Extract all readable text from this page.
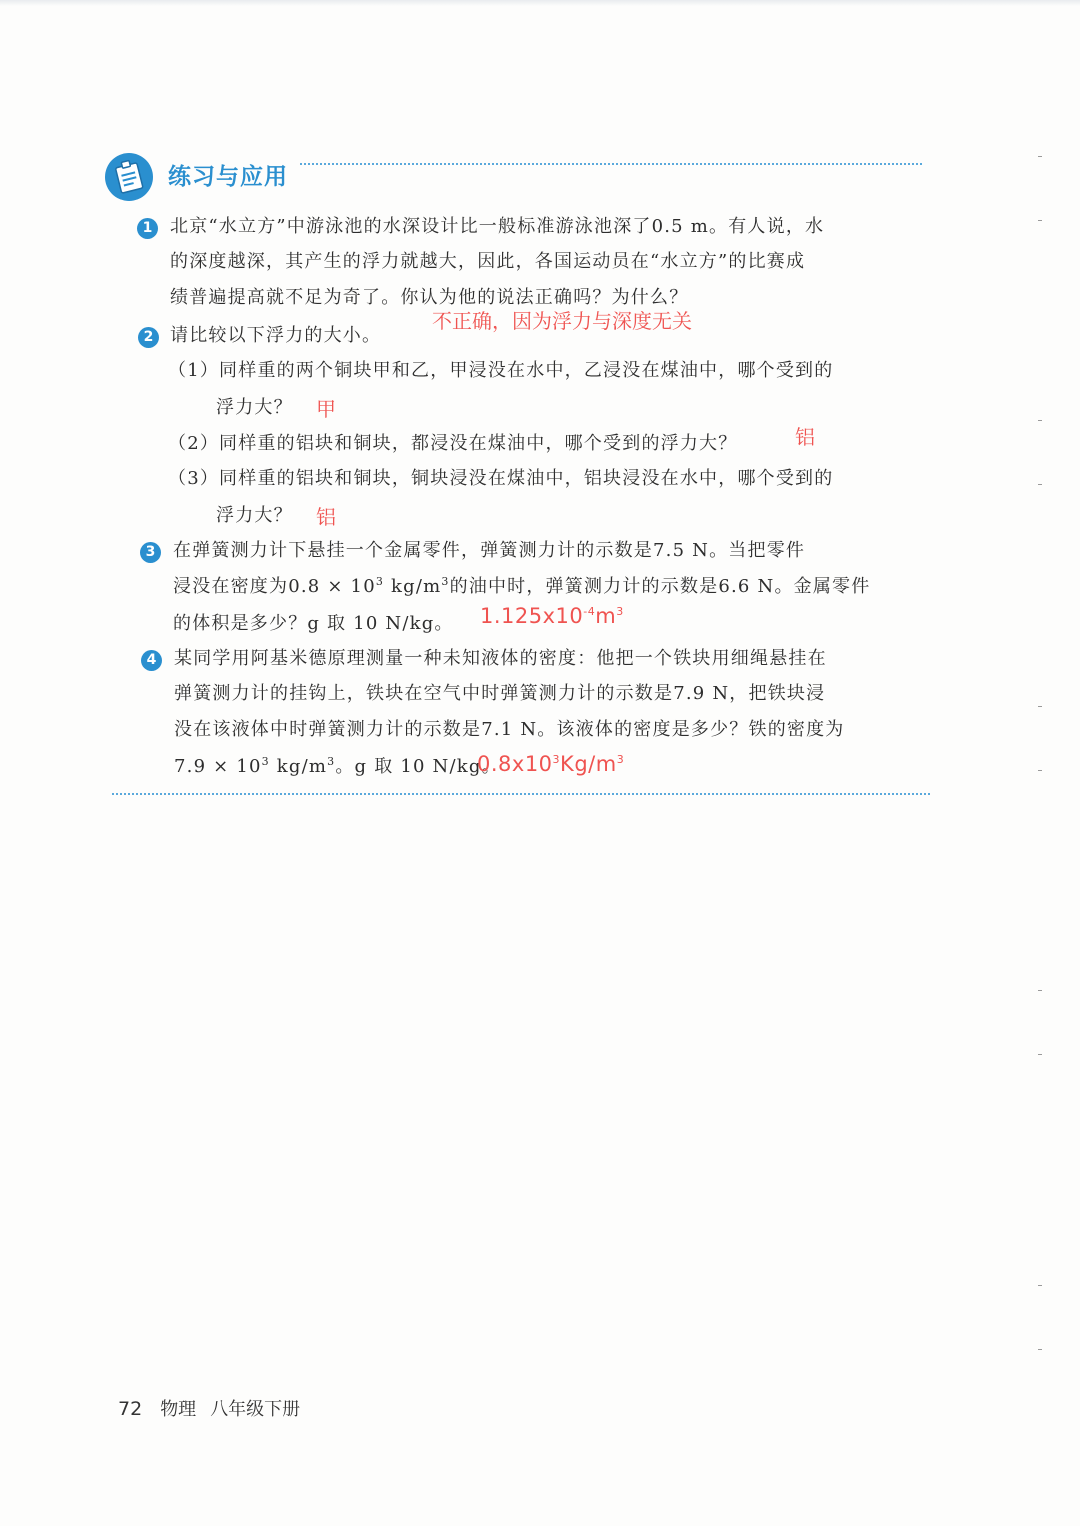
练习与应用
1 北京“水立方”中游泳池的水深设计比一般标准游泳池深了0.5 m。有人说，水
的深度越深，其产生的浮力就越大，因此，各国运动员在“水立方”的比赛成
绩普遍提高就不足为奇了。你认为他的说法正确吗？为什么？
不正确，因为浮力与深度无关
2 请比较以下浮力的大小。
（1）同样重的两个铜块甲和乙，甲浸没在水中，乙浸没在煤油中，哪个受到的
浮力大？ 甲
（2）同样重的铝块和铜块，都浸没在煤油中，哪个受到的浮力大？	铝
（3）同样重的铝块和铜块，铜块浸没在煤油中，铝块浸没在水中，哪个受到的
浮力大？ 铝
3 在弹簧测力计下悬挂一个金属零件，弹簧测力计的示数是7.5 N。当把零件
浸没在密度为$0.8 \times 10^3$ $kg/m^3$的油中时，弹簧测力计的示数是6.6 N。金属零件
的体积是多少？g 取 10 N/kg。 $1.125x10^{-4}m^3$
4 某同学用阿基米德原理测量一种未知液体的密度：他把一个铁块用细绳悬挂在
弹簧测力计的挂钩上，铁块在空气中时弹簧测力计的示数是7.9 N，把铁块浸
没在该液体中时弹簧测力计的示数是7.1 N。该液体的密度是多少？铁的密度为
$7.9 \times 10^3$ $kg/m^3$。g 取 10 N/kg。
$0.8x10^3Kg/m^3$
72 物理 八年级下册
